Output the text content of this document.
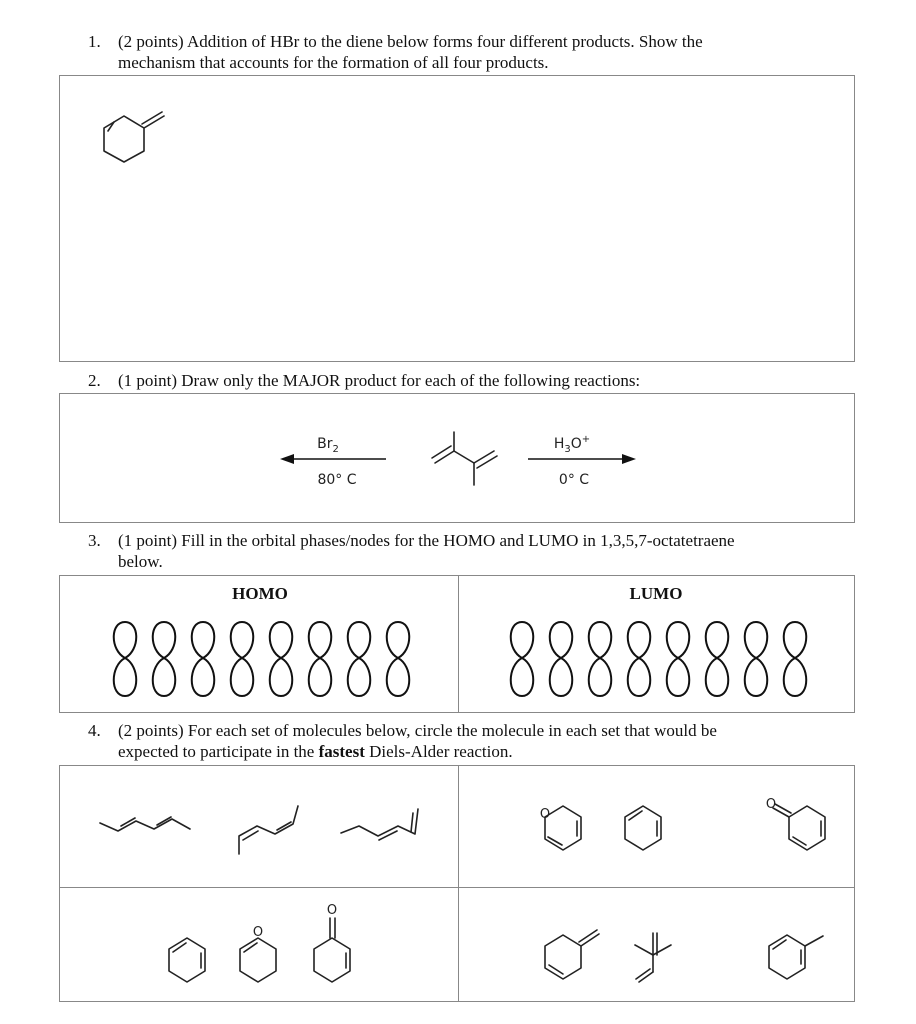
1. (2 points) Addition of HBr to the diene below forms four different products. Show the
mechanism that accounts for the formation of all four products.
2. (1 point) Draw only the MAJOR product for each of the following reactions:
$Br_2$
80° C
$H_3O^+$
0° C
3. (1 point) Fill in the orbital phases/nodes for the HOMO and LUMO in 1,3,5,7-octatetraene
below.
HOMO	LUMO
4. (2 points) For each set of molecules below, circle the molecule in each set that would be
expected to participate in the fastest Diels-Alder reaction.
O
O
O
O
